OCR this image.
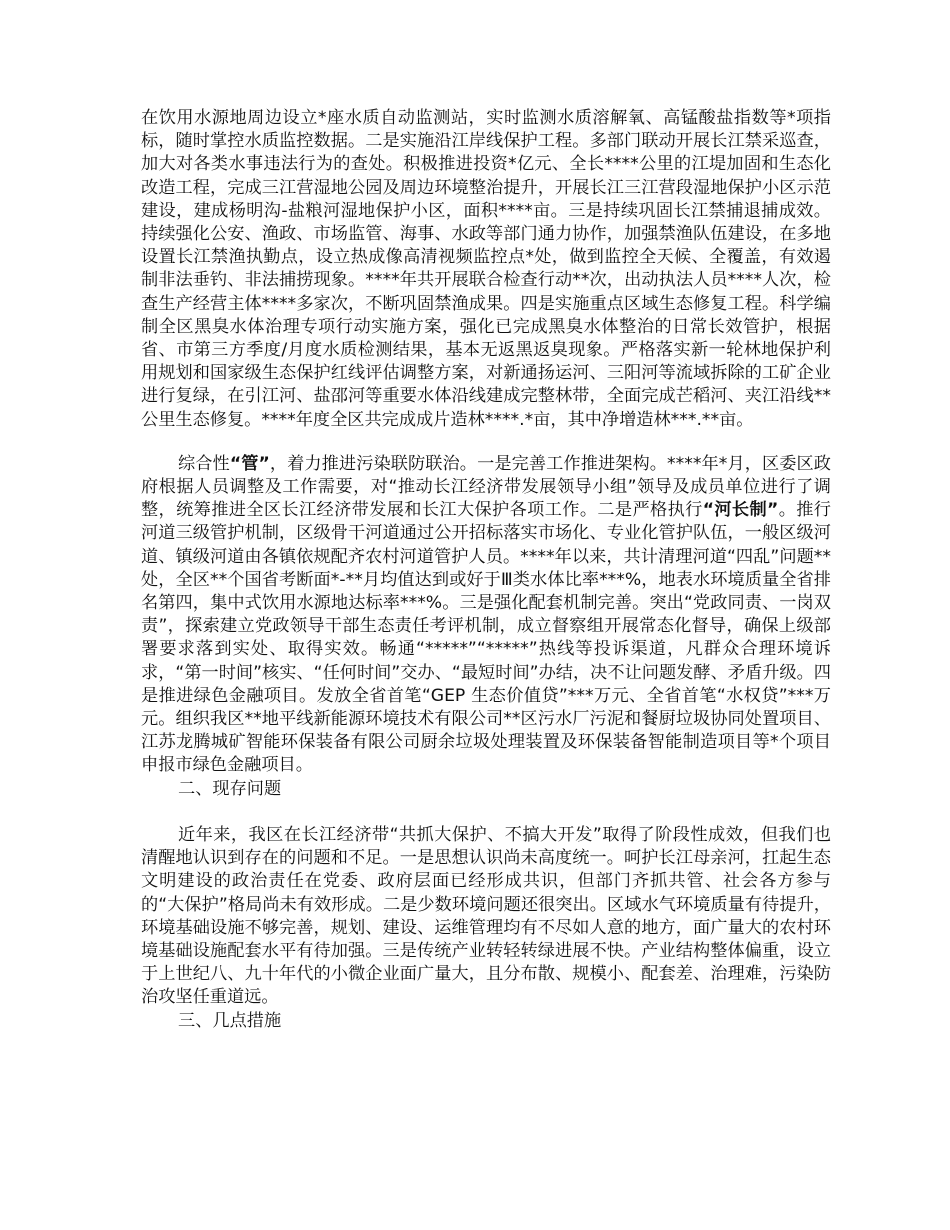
在饮用水源地周边设立*座水质自动监测站，实时监测水质溶解氧、高锰酸盐指数等*项指标，随时掌控水质监控数据。二是实施沿江岸线保护工程。多部门联动开展长江禁采巡查，加大对各类水事违法行为的查处。积极推进投资*亿元、全长****公里的江堤加固和生态化改造工程，完成三江营湿地公园及周边环境整治提升，开展长江三江营段湿地保护小区示范建设，建成杨明沟-盐粮河湿地保护小区，面积****亩。三是持续巩固长江禁捕退捕成效。持续强化公安、渔政、市场监管、海事、水政等部门通力协作，加强禁渔队伍建设，在多地设置长江禁渔执勤点，设立热成像高清视频监控点*处，做到监控全天候、全覆盖，有效遏制非法垂钓、非法捕捞现象。****年共开展联合检查行动**次，出动执法人员****人次，检查生产经营主体****多家次，不断巩固禁渔成果。四是实施重点区域生态修复工程。科学编制全区黑臭水体治理专项行动实施方案，强化已完成黑臭水体整治的日常长效管护，根据省、市第三方季度/月度水质检测结果，基本无返黑返臭现象。严格落实新一轮林地保护利用规划和国家级生态保护红线评估调整方案，对新通扬运河、三阳河等流域拆除的工矿企业进行复绿，在引江河、盐邵河等重要水体沿线建成完整林带，全面完成芒稻河、夹江沿线**公里生态修复。****年度全区共完成成片造林****.*亩，其中净增造林***.**亩。

综合性“管”，着力推进污染联防联治。一是完善工作推进架构。****年*月，区委区政府根据人员调整及工作需要，对“推动长江经济带发展领导小组”领导及成员单位进行了调整，统筹推进全区长江经济带发展和长江大保护各项工作。二是严格执行“河长制”。推行河道三级管护机制，区级骨干河道通过公开招标落实市场化、专业化管护队伍，一般区级河道、镇级河道由各镇依规配齐农村河道管护人员。****年以来，共计清理河道“四乱”问题**处，全区**个国省考断面*-**月均值达到或好于Ⅲ类水体比率***%，地表水环境质量全省排名第四，集中式饮用水源地达标率***%。三是强化配套机制完善。突出“党政同责、一岗双责”，探索建立党政领导干部生态责任考评机制，成立督察组开展常态化督导，确保上级部署要求落到实处、取得实效。畅通“*****”“*****”热线等投诉渠道，凡群众合理环境诉求，“第一时间”核实、“任何时间”交办、“最短时间”办结，决不让问题发酵、矛盾升级。四是推进绿色金融项目。发放全省首笔“GEP 生态价值贷”***万元、全省首笔“水权贷”***万元。组织我区**地平线新能源环境技术有限公司**区污水厂污泥和餐厨垃圾协同处置项目、江苏龙腾城矿智能环保装备有限公司厨余垃圾处理装置及环保装备智能制造项目等*个项目申报市绿色金融项目。

二、现存问题

近年来，我区在长江经济带“共抓大保护、不搞大开发”取得了阶段性成效，但我们也清醒地认识到存在的问题和不足。一是思想认识尚未高度统一。呵护长江母亲河，扛起生态文明建设的政治责任在党委、政府层面已经形成共识，但部门齐抓共管、社会各方参与的“大保护”格局尚未有效形成。二是少数环境问题还很突出。区域水气环境质量有待提升，环境基础设施不够完善，规划、建设、运维管理均有不尽如人意的地方，面广量大的农村环境基础设施配套水平有待加强。三是传统产业转轻转绿进展不快。产业结构整体偏重，设立于上世纪八、九十年代的小微企业面广量大，且分布散、规模小、配套差、治理难，污染防治攻坚任重道远。

三、几点措施
